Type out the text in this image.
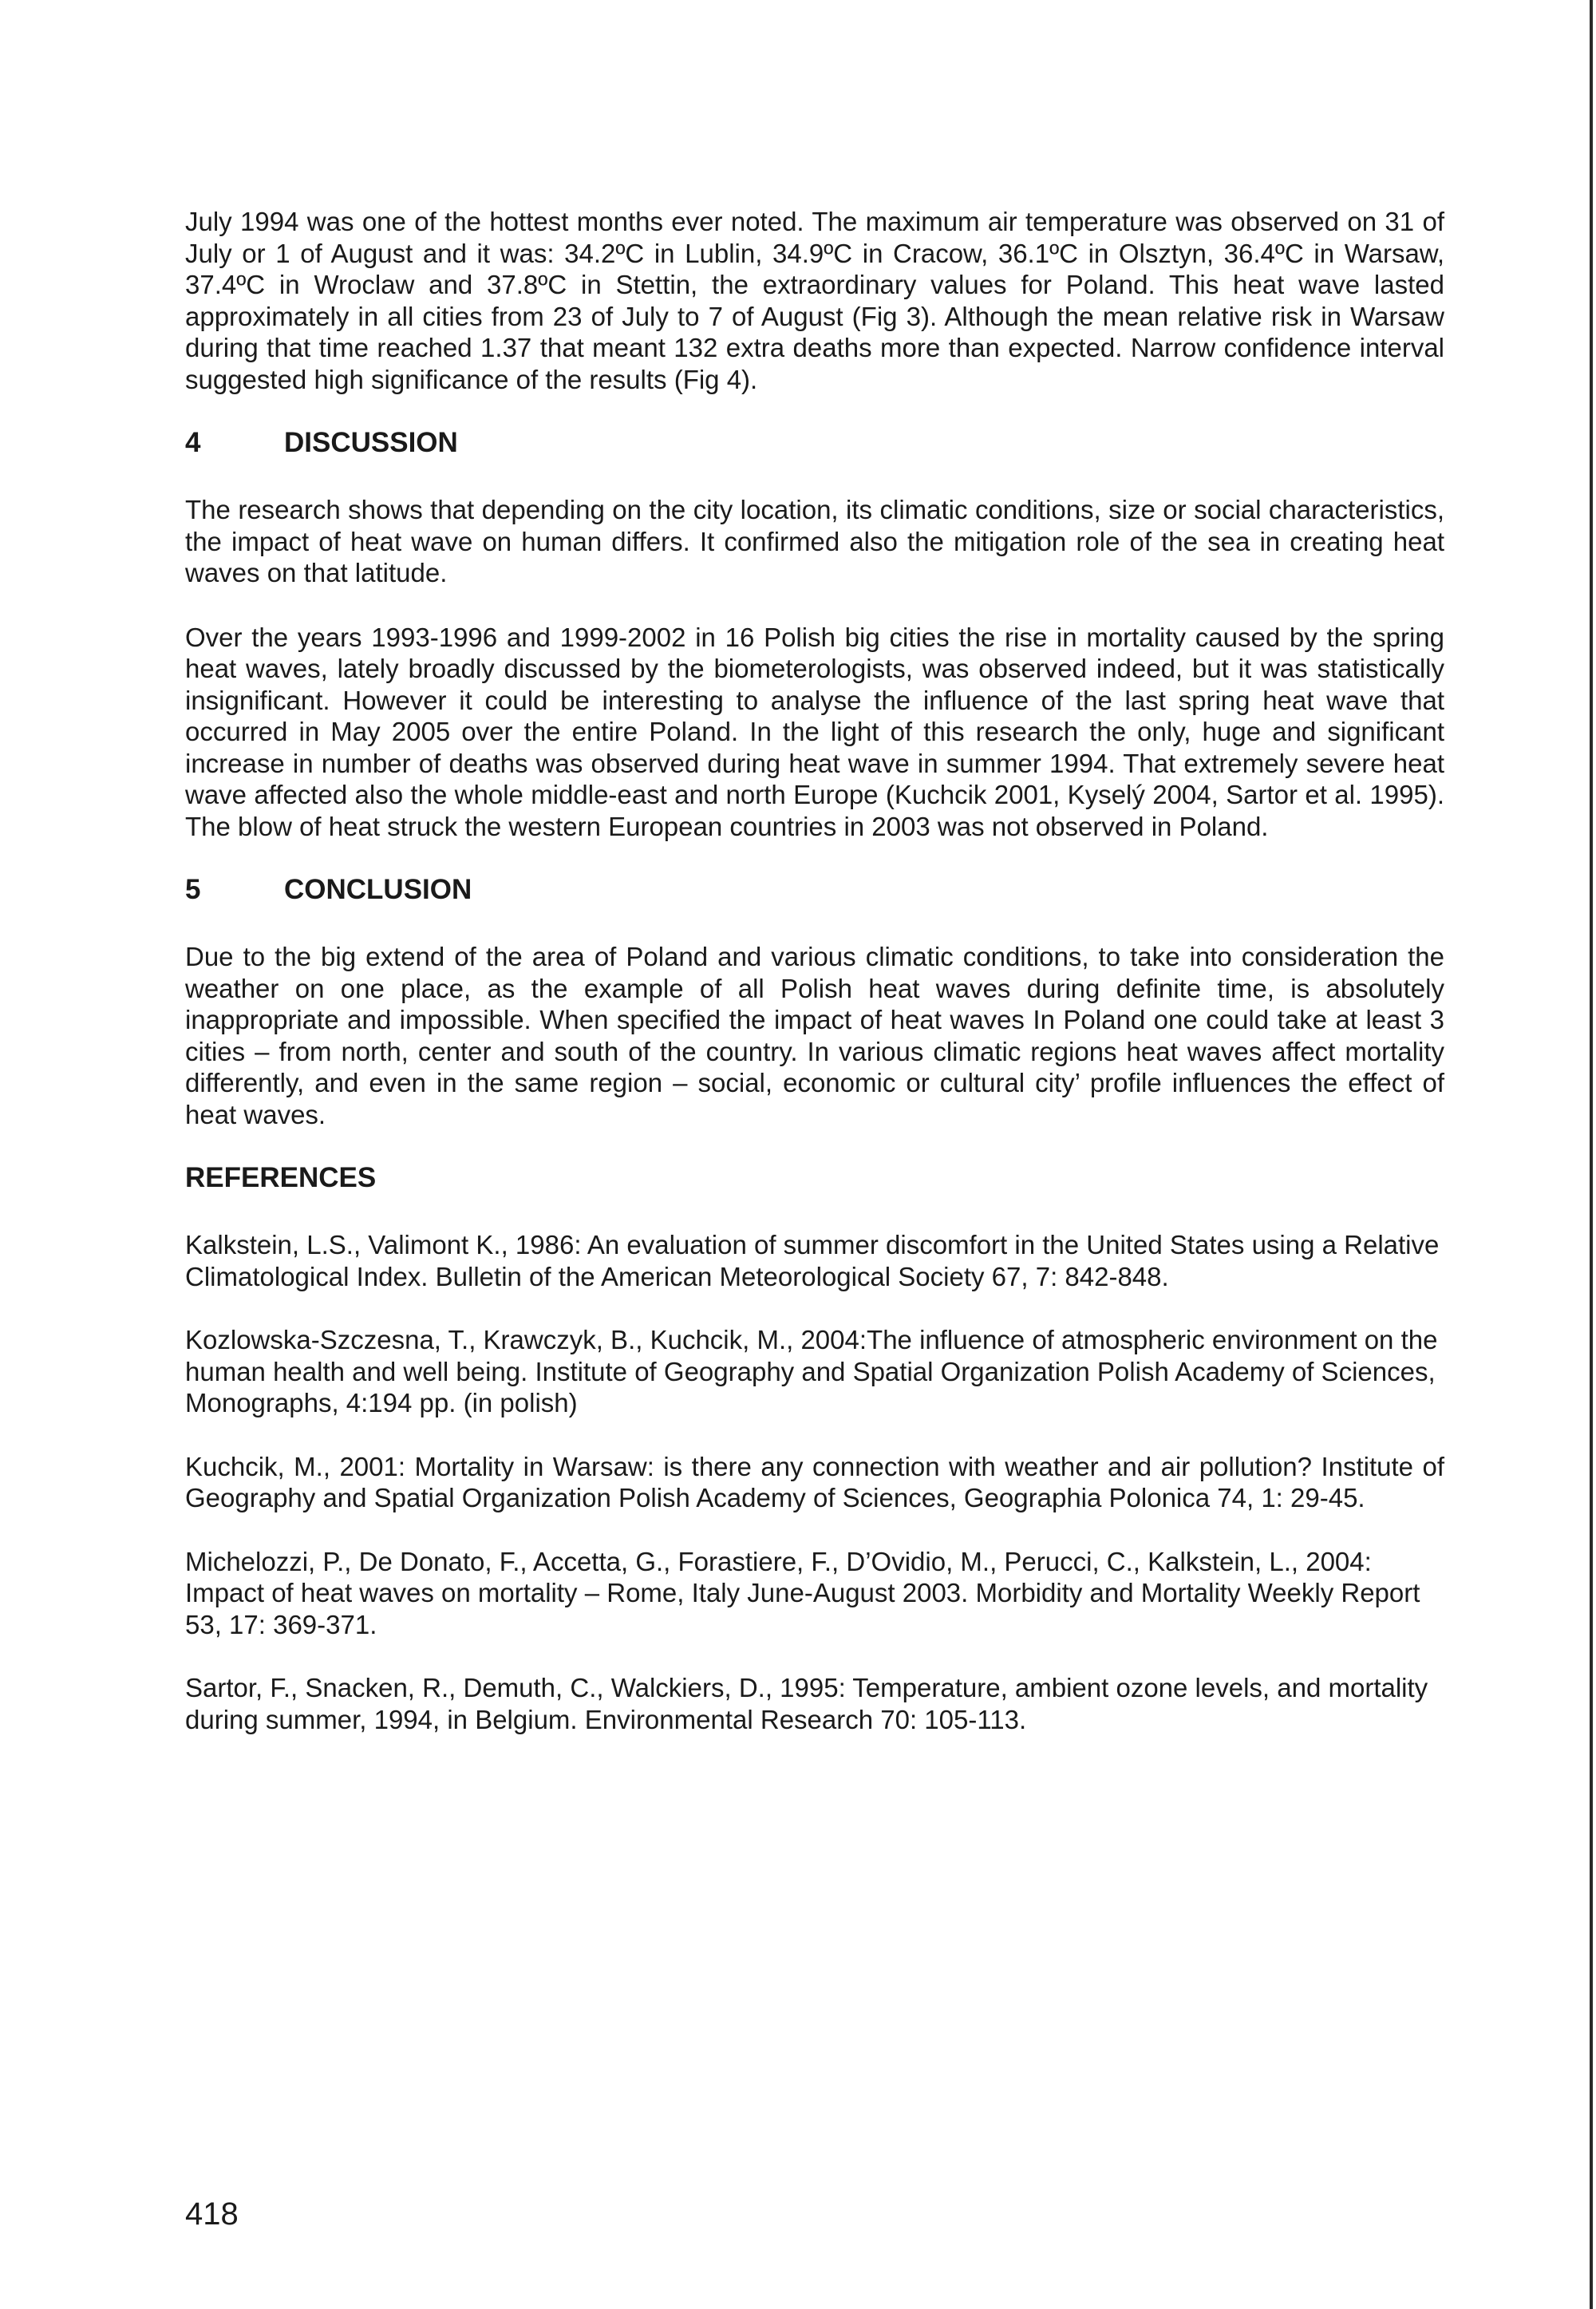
July 1994 was one of the hottest months ever noted. The maximum air temperature was observed on 31 of July or 1 of August and it was: 34.2ºC in Lublin, 34.9ºC in Cracow, 36.1ºC in Olsztyn, 36.4ºC in Warsaw, 37.4ºC in Wroclaw and 37.8ºC in Stettin, the extraordinary values for Poland. This heat wave lasted approximately in all cities from 23 of July to 7 of August (Fig 3). Although the mean relative risk in Warsaw during that time reached 1.37 that meant 132 extra deaths more than expected. Narrow confidence interval suggested high significance of the results (Fig 4).

4	DISCUSSION

The research shows that depending on the city location, its climatic conditions, size or social characteristics, the impact of heat wave on human differs. It confirmed also the mitigation role of the sea in creating heat waves on that latitude.

Over the years 1993-1996 and 1999-2002 in 16 Polish big cities the rise in mortality caused by the spring heat waves, lately broadly discussed by the biometerologists, was observed indeed, but it was statistically insignificant. However it could be interesting to analyse the influence of the last spring heat wave that occurred in May 2005 over the entire Poland. In the light of this research the only, huge and significant increase in number of deaths was observed during heat wave in summer 1994. That extremely severe heat wave affected also the whole middle-east and north Europe (Kuchcik 2001, Kyselý 2004, Sartor et al. 1995). The blow of heat struck the western European countries in 2003 was not observed in Poland.

5	CONCLUSION

Due to the big extend of the area of Poland and various climatic conditions, to take into consideration the weather on one place, as the example of all Polish heat waves during definite time, is absolutely inappropriate and impossible. When specified the impact of heat waves In Poland one could take at least 3 cities – from north, center and south of the country. In various climatic regions heat waves affect mortality differently, and even in the same region – social, economic or cultural city’ profile influences the effect of heat waves.

REFERENCES

Kalkstein, L.S., Valimont K., 1986: An evaluation of summer discomfort in the United States using a Relative Climatological Index. Bulletin of the American Meteorological Society 67, 7: 842-848.

Kozlowska-Szczesna, T., Krawczyk, B., Kuchcik, M., 2004:The influence of atmospheric environment on the human health and well being. Institute of Geography and Spatial Organization Polish Academy of Sciences, Monographs, 4:194 pp. (in polish)

Kuchcik, M., 2001: Mortality in Warsaw: is there any connection with weather and air pollution? Institute of Geography and Spatial Organization Polish Academy of Sciences, Geographia Polonica 74, 1: 29-45.

Michelozzi, P., De Donato, F., Accetta, G., Forastiere, F., D’Ovidio, M., Perucci, C., Kalkstein, L., 2004: Impact of heat waves on mortality – Rome, Italy June-August 2003. Morbidity and Mortality Weekly Report 53, 17: 369-371.

Sartor, F., Snacken, R., Demuth, C., Walckiers, D., 1995: Temperature, ambient ozone levels, and mortality during summer, 1994, in Belgium. Environmental Research 70: 105-113.

418
